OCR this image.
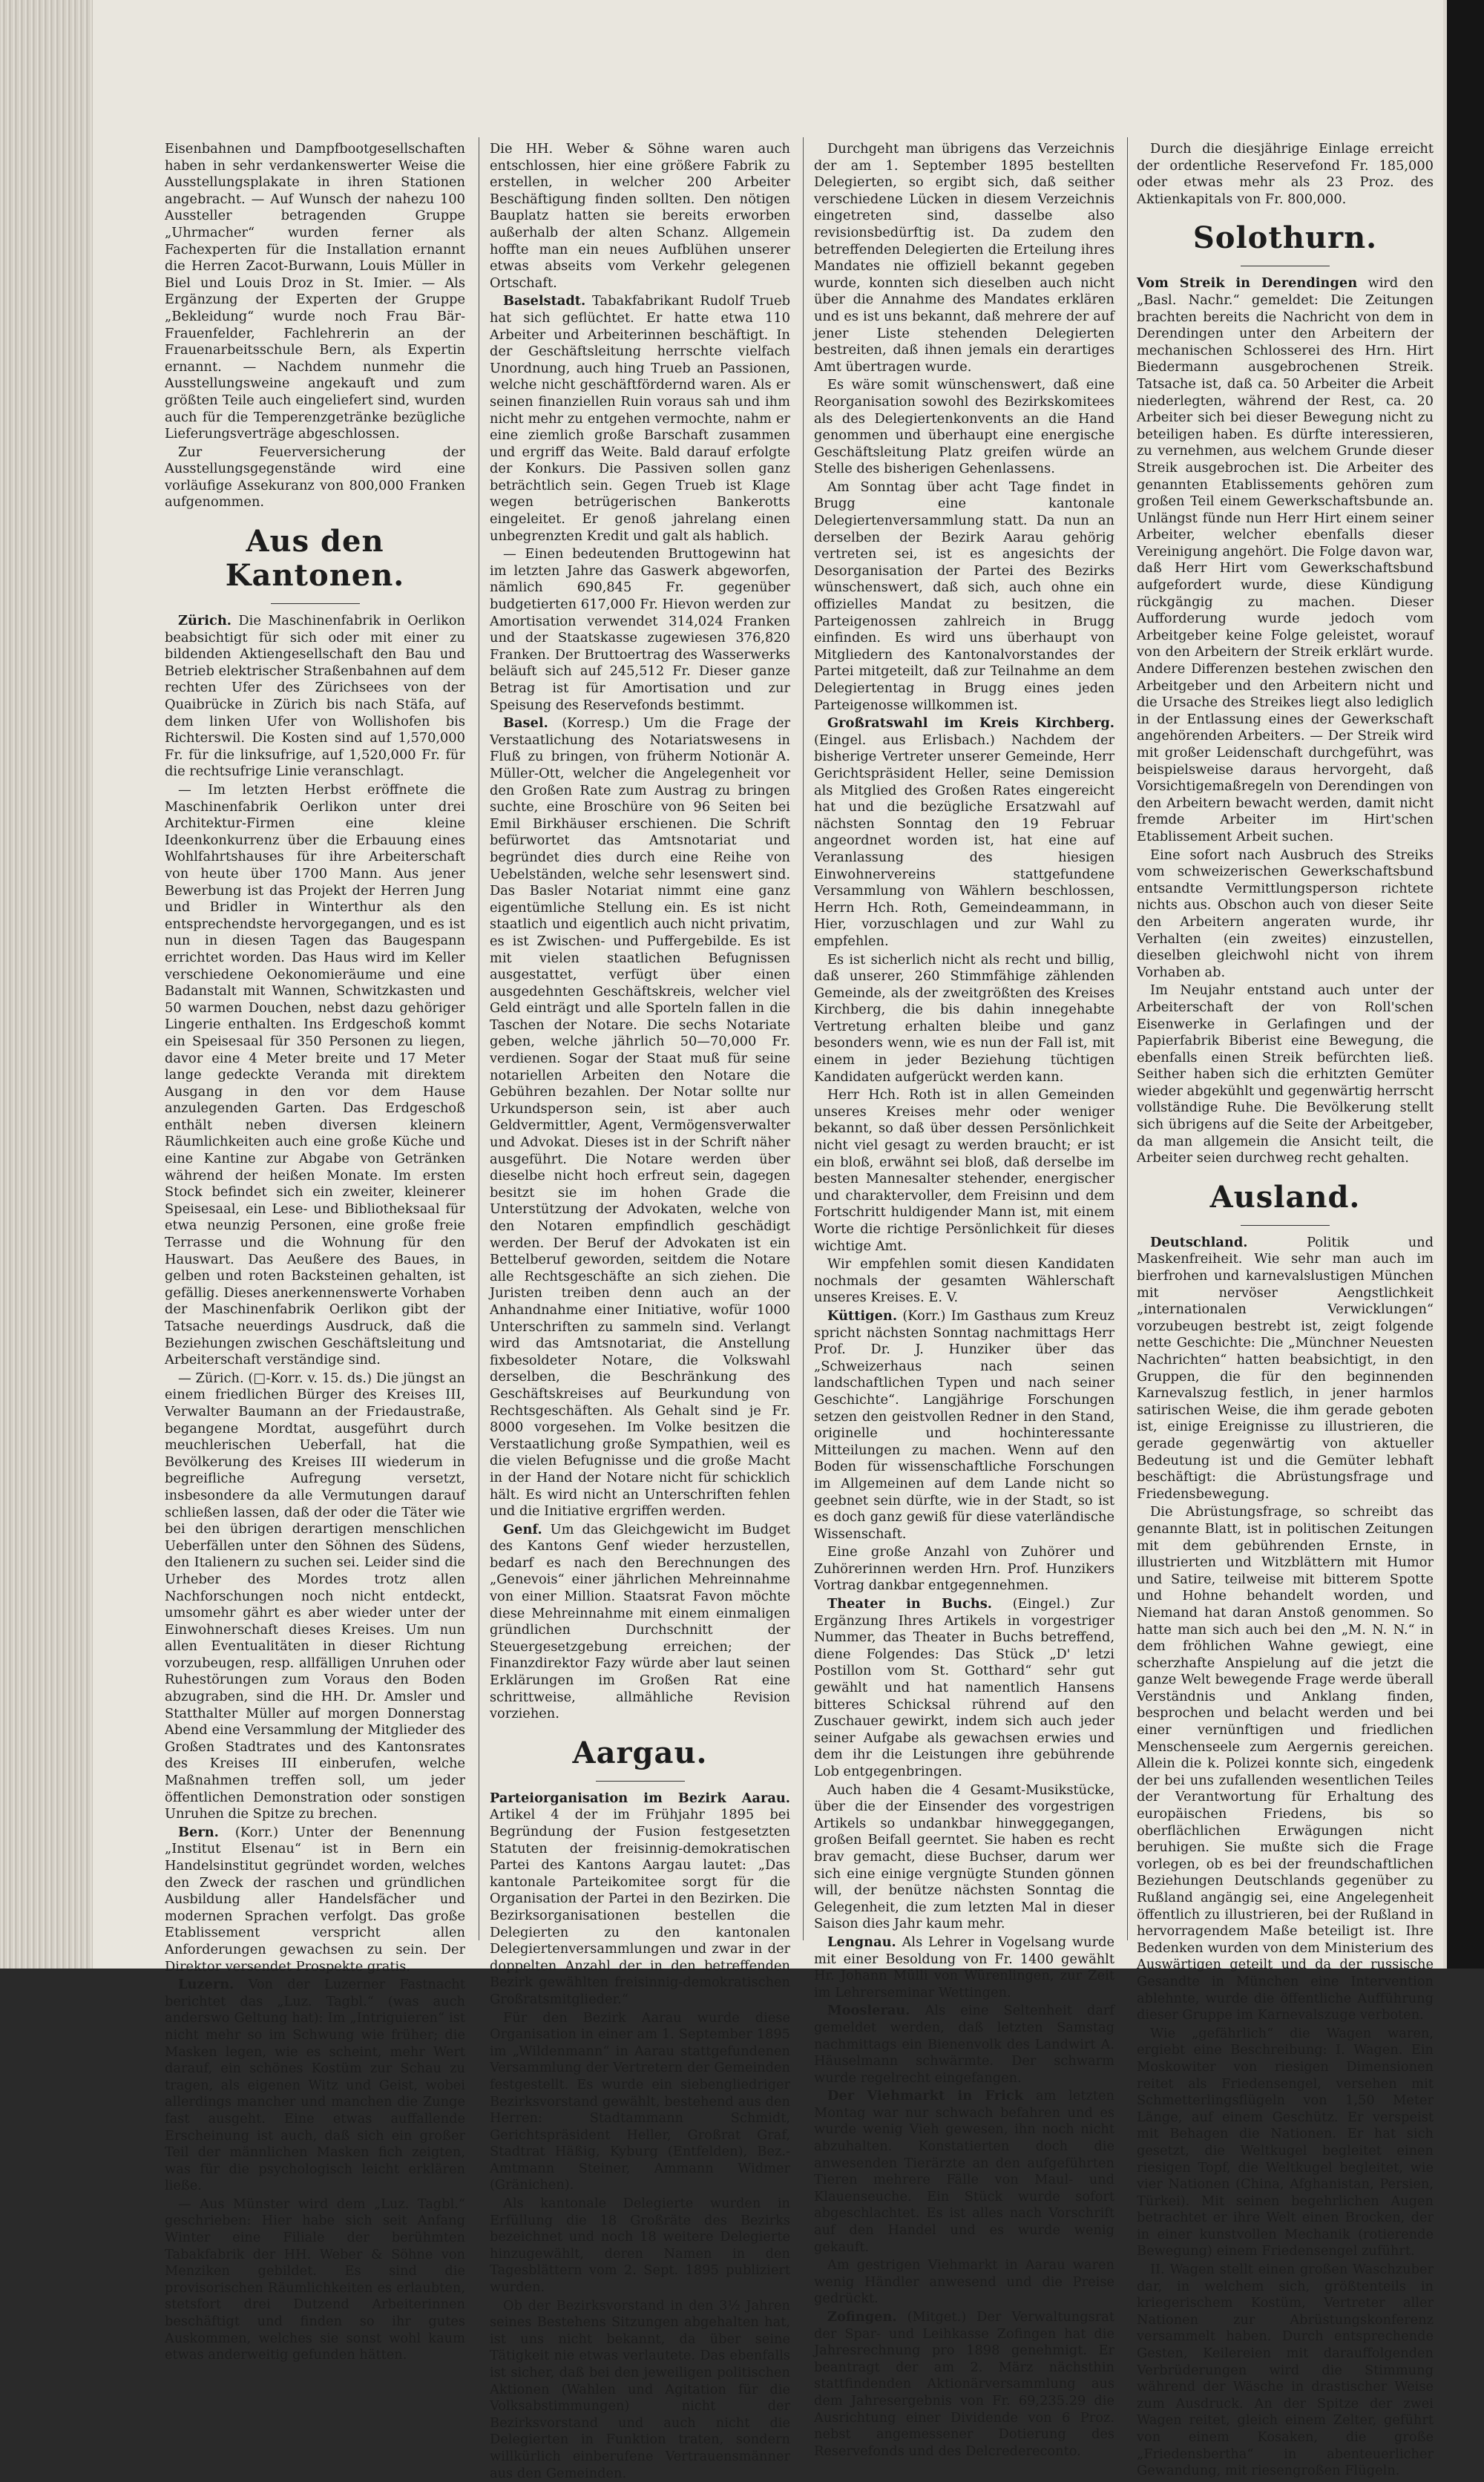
Eisenbahnen und Dampfbootgesellschaften haben in sehr verdankenswerter Weise die Ausstellungsplakate in ihren Stationen angebracht. — Auf Wunsch der nahezu 100 Aussteller betragenden Gruppe „Uhrmacher“ wurden ferner als Fachexperten für die Installation ernannt die Herren Zacot-Burwann, Louis Müller in Biel und Louis Droz in St. Imier. — Als Ergänzung der Experten der Gruppe „Bekleidung“ wurde noch Frau Bär-Frauenfelder, Fachlehrerin an der Frauenarbeitsschule Bern, als Expertin ernannt. — Nachdem nunmehr die Ausstellungsweine angekauft und zum größten Teile auch eingeliefert sind, wurden auch für die Temperenzgetränke bezügliche Lieferungsverträge abgeschlossen.

Zur Feuerversicherung der Ausstellungsgegenstände wird eine vorläufige Assekuranz von 800,000 Franken aufgenommen.

Aus den Kantonen.

Zürich. Die Maschinenfabrik in Oerlikon beabsichtigt für sich oder mit einer zu bildenden Aktiengesellschaft den Bau und Betrieb elektrischer Straßenbahnen auf dem rechten Ufer des Zürichsees von der Quaibrücke in Zürich bis nach Stäfa, auf dem linken Ufer von Wollishofen bis Richterswil. Die Kosten sind auf 1,570,000 Fr. für die linksufrige, auf 1,520,000 Fr. für die rechtsufrige Linie veranschlagt.

— Im letzten Herbst eröffnete die Maschinenfabrik Oerlikon unter drei Architektur-Firmen eine kleine Ideenkonkurrenz über die Erbauung eines Wohlfahrtshauses für ihre Arbeiterschaft von heute über 1700 Mann. Aus jener Bewerbung ist das Projekt der Herren Jung und Bridler in Winterthur als den entsprechendste hervorgegangen, und es ist nun in diesen Tagen das Baugespann errichtet worden. Das Haus wird im Keller verschiedene Oekonomieräume und eine Badanstalt mit Wannen, Schwitzkasten und 50 warmen Douchen, nebst dazu gehöriger Lingerie enthalten. Ins Erdgeschoß kommt ein Speisesaal für 350 Personen zu liegen, davor eine 4 Meter breite und 17 Meter lange gedeckte Veranda mit direktem Ausgang in den vor dem Hause anzulegenden Garten. Das Erdgeschoß enthält neben diversen kleinern Räumlichkeiten auch eine große Küche und eine Kantine zur Abgabe von Getränken während der heißen Monate. Im ersten Stock befindet sich ein zweiter, kleinerer Speisesaal, ein Lese- und Bibliotheksaal für etwa neunzig Personen, eine große freie Terrasse und die Wohnung für den Hauswart. Das Aeußere des Baues, in gelben und roten Backsteinen gehalten, ist gefällig. Dieses anerkennenswerte Vorhaben der Maschinenfabrik Oerlikon gibt der Tatsache neuerdings Ausdruck, daß die Beziehungen zwischen Geschäftsleitung und Arbeiterschaft verständige sind.

— Zürich. (□-Korr. v. 15. ds.) Die jüngst an einem friedlichen Bürger des Kreises III, Verwalter Baumann an der Friedaustraße, begangene Mordtat, ausgeführt durch meuchlerischen Ueberfall, hat die Bevölkerung des Kreises III wiederum in begreifliche Aufregung versetzt, insbesondere da alle Vermutungen darauf schließen lassen, daß der oder die Täter wie bei den übrigen derartigen menschlichen Ueberfällen unter den Söhnen des Südens, den Italienern zu suchen sei. Leider sind die Urheber des Mordes trotz allen Nachforschungen noch nicht entdeckt, umsomehr gährt es aber wieder unter der Einwohnerschaft dieses Kreises. Um nun allen Eventualitäten in dieser Richtung vorzubeugen, resp. allfälligen Unruhen oder Ruhestörungen zum Voraus den Boden abzugraben, sind die HH. Dr. Amsler und Statthalter Müller auf morgen Donnerstag Abend eine Versammlung der Mitglieder des Großen Stadtrates und des Kantonsrates des Kreises III einberufen, welche Maßnahmen treffen soll, um jeder öffentlichen Demonstration oder sonstigen Unruhen die Spitze zu brechen.

Bern. (Korr.) Unter der Benennung „Institut Elsenau“ ist in Bern ein Handelsinstitut gegründet worden, welches den Zweck der raschen und gründlichen Ausbildung aller Handelsfächer und modernen Sprachen verfolgt. Das große Etablissement verspricht allen Anforderungen gewachsen zu sein. Der Direktor versendet Prospekte gratis.

Luzern. Von der Luzerner Fastnacht berichtet das „Luz. Tagbl.“ (was auch anderswo Geltung hat): Im „Intriguieren“ ist nicht mehr so im Schwung wie früher; die Masken legen, wie es scheint, mehr Wert darauf, ein schönes Kostüm zur Schau zu tragen, als eigenen Witz und Geist, wobei allerdings mancher und manchen die Zunge fast ausgeht. Eine etwas auffallende Erscheinung ist auch, daß sich ein großer Teil der männlichen Masken fich zeigten, was für die psychologisch leicht erklären ließe.

— Aus Münster wird dem „Luz. Tagbl.“ geschrieben: Hier habe sich seit Anfang Winter eine Filiale der berühmten Tabakfabrik der HH. Weber & Söhne von Menziken gebildet. Es sind die provisorischen Räumlichkeiten es erlaubten, stetsfort drei Dutzend Arbeiterinnen beschäftigt und finden so ihr gutes Auskommen, welches sie sonst wohl kaum etwas anderweitig gefunden hätten.

Die HH. Weber & Söhne waren auch entschlossen, hier eine größere Fabrik zu erstellen, in welcher 200 Arbeiter Beschäftigung finden sollten. Den nötigen Bauplatz hatten sie bereits erworben außerhalb der alten Schanz. Allgemein hoffte man ein neues Aufblühen unserer etwas abseits vom Verkehr gelegenen Ortschaft.

Baselstadt. Tabakfabrikant Rudolf Trueb hat sich geflüchtet. Er hatte etwa 110 Arbeiter und Arbeiterinnen beschäftigt. In der Geschäftsleitung herrschte vielfach Unordnung, auch hing Trueb an Passionen, welche nicht geschäftfördernd waren. Als er seinen finanziellen Ruin voraus sah und ihm nicht mehr zu entgehen vermochte, nahm er eine ziemlich große Barschaft zusammen und ergriff das Weite. Bald darauf erfolgte der Konkurs. Die Passiven sollen ganz beträchtlich sein. Gegen Trueb ist Klage wegen betrügerischen Bankerotts eingeleitet. Er genoß jahrelang einen unbegrenzten Kredit und galt als hablich.

— Einen bedeutenden Bruttogewinn hat im letzten Jahre das Gaswerk abgeworfen, nämlich 690,845 Fr. gegenüber budgetierten 617,000 Fr. Hievon werden zur Amortisation verwendet 314,024 Franken und der Staatskasse zugewiesen 376,820 Franken. Der Bruttoertrag des Wasserwerks beläuft sich auf 245,512 Fr. Dieser ganze Betrag ist für Amortisation und zur Speisung des Reservefonds bestimmt.

Basel. (Korresp.) Um die Frage der Verstaatlichung des Notariatswesens in Fluß zu bringen, von früherm Notionär A. Müller-Ott, welcher die Angelegenheit vor den Großen Rate zum Austrag zu bringen suchte, eine Broschüre von 96 Seiten bei Emil Birkhäuser erschienen. Die Schrift befürwortet das Amtsnotariat und begründet dies durch eine Reihe von Uebelständen, welche sehr lesenswert sind. Das Basler Notariat nimmt eine ganz eigentümliche Stellung ein. Es ist nicht staatlich und eigentlich auch nicht privatim, es ist Zwischen- und Puffergebilde. Es ist mit vielen staatlichen Befugnissen ausgestattet, verfügt über einen ausgedehnten Geschäftskreis, welcher viel Geld einträgt und alle Sporteln fallen in die Taschen der Notare. Die sechs Notariate geben, welche jährlich 50—70,000 Fr. verdienen. Sogar der Staat muß für seine notariellen Arbeiten den Notare die Gebühren bezahlen. Der Notar sollte nur Urkundsperson sein, ist aber auch Geldvermittler, Agent, Vermögensverwalter und Advokat. Dieses ist in der Schrift näher ausgeführt. Die Notare werden über dieselbe nicht hoch erfreut sein, dagegen besitzt sie im hohen Grade die Unterstützung der Advokaten, welche von den Notaren empfindlich geschädigt werden. Der Beruf der Advokaten ist ein Bettelberuf geworden, seitdem die Notare alle Rechtsgeschäfte an sich ziehen. Die Juristen treiben denn auch an der Anhandnahme einer Initiative, wofür 1000 Unterschriften zu sammeln sind. Verlangt wird das Amtsnotariat, die Anstellung fixbesoldeter Notare, die Volkswahl derselben, die Beschränkung des Geschäftskreises auf Beurkundung von Rechtsgeschäften. Als Gehalt sind je Fr. 8000 vorgesehen. Im Volke besitzen die Verstaatlichung große Sympathien, weil es die vielen Befugnisse und die große Macht in der Hand der Notare nicht für schicklich hält. Es wird nicht an Unterschriften fehlen und die Initiative ergriffen werden.

Genf. Um das Gleichgewicht im Budget des Kantons Genf wieder herzustellen, bedarf es nach den Berechnungen des „Genevois“ einer jährlichen Mehreinnahme von einer Million. Staatsrat Favon möchte diese Mehreinnahme mit einem einmaligen gründlichen Durchschnitt der Steuergesetzgebung erreichen; der Finanzdirektor Fazy würde aber laut seinen Erklärungen im Großen Rat eine schrittweise, allmähliche Revision vorziehen.

Aargau.

Parteiorganisation im Bezirk Aarau. Artikel 4 der im Frühjahr 1895 bei Begründung der Fusion festgesetzten Statuten der freisinnig-demokratischen Partei des Kantons Aargau lautet: „Das kantonale Parteikomitee sorgt für die Organisation der Partei in den Bezirken. Die Bezirksorganisationen bestellen die Delegierten zu den kantonalen Delegiertenversammlungen und zwar in der doppelten Anzahl der in den betreffenden Bezirk gewählten freisinnig-demokratischen Großratsmitglieder.“

Für den Bezirk Aarau wurde diese Organisation in einer am 1. September 1895 im „Wildenmann“ in Aarau stattgefundenen Versammlung der Vertretern der Gemeinden festgestellt. Es wurde ein siebengliedriger Bezirksvorstand gewählt, bestehend aus den Herren: Stadtammann Schmidt, Gerichtspräsident Heller, Großrat Graf, Stadtrat Häßig, Kyburg (Entfelden), Bez.-Amtmann Steiner, Ammann Widmer (Gränichen).

Als kantonale Delegierte wurden in Erfüllung die 18 Großräte des Bezirks bezeichnet und noch 18 weitere Delegierte hinzugewählt, deren Namen in den Tagesblättern vom 2. Sept. 1895 publiziert wurden.

Ob der Bezirksvorstand in den 3½ Jahren seines Bestehens Sitzungen abgehalten hat, ist uns nicht bekannt, da über seine Tätigkeit nie etwas verlautete. Das ebenfalls ist sicher, daß bei den jeweiligen politischen Aktionen (Wahlen und Agitation für die Volksabstimmungen) nicht der Bezirksvorstand und auch nicht die Delegierten in Funktion traten, sondern willkürlich einberufene Vertrauensmänner aus den Gemeinden.

Durchgeht man übrigens das Verzeichnis der am 1. September 1895 bestellten Delegierten, so ergibt sich, daß seither verschiedene Lücken in diesem Verzeichnis eingetreten sind, dasselbe also revisionsbedürftig ist. Da zudem den betreffenden Delegierten die Erteilung ihres Mandates nie offiziell bekannt gegeben wurde, konnten sich dieselben auch nicht über die Annahme des Mandates erklären und es ist uns bekannt, daß mehrere der auf jener Liste stehenden Delegierten bestreiten, daß ihnen jemals ein derartiges Amt übertragen wurde.

Es wäre somit wünschenswert, daß eine Reorganisation sowohl des Bezirkskomitees als des Delegiertenkonvents an die Hand genommen und überhaupt eine energische Geschäftsleitung Platz greifen würde an Stelle des bisherigen Gehenlassens.

Am Sonntag über acht Tage findet in Brugg eine kantonale Delegiertenversammlung statt. Da nun an derselben der Bezirk Aarau gehörig vertreten sei, ist es angesichts der Desorganisation der Partei des Bezirks wünschenswert, daß sich, auch ohne ein offizielles Mandat zu besitzen, die Parteigenossen zahlreich in Brugg einfinden. Es wird uns überhaupt von Mitgliedern des Kantonalvorstandes der Partei mitgeteilt, daß zur Teilnahme an dem Delegiertentag in Brugg eines jeden Parteigenosse willkommen ist.

Großratswahl im Kreis Kirchberg. (Eingel. aus Erlisbach.) Nachdem der bisherige Vertreter unserer Gemeinde, Herr Gerichtspräsident Heller, seine Demission als Mitglied des Großen Rates eingereicht hat und die bezügliche Ersatzwahl auf nächsten Sonntag den 19 Februar angeordnet worden ist, hat eine auf Veranlassung des hiesigen Einwohnervereins stattgefundene Versammlung von Wählern beschlossen, Herrn Hch. Roth, Gemeindeammann, in Hier, vorzuschlagen und zur Wahl zu empfehlen.

Es ist sicherlich nicht als recht und billig, daß unserer, 260 Stimmfähige zählenden Gemeinde, als der zweitgrößten des Kreises Kirchberg, die bis dahin innegehabte Vertretung erhalten bleibe und ganz besonders wenn, wie es nun der Fall ist, mit einem in jeder Beziehung tüchtigen Kandidaten aufgerückt werden kann.

Herr Hch. Roth ist in allen Gemeinden unseres Kreises mehr oder weniger bekannt, so daß über dessen Persönlichkeit nicht viel gesagt zu werden braucht; er ist ein bloß, erwähnt sei bloß, daß derselbe im besten Mannesalter stehender, energischer und charaktervoller, dem Freisinn und dem Fortschritt huldigender Mann ist, mit einem Worte die richtige Persönlichkeit für dieses wichtige Amt.

Wir empfehlen somit diesen Kandidaten nochmals der gesamten Wählerschaft unseres Kreises. E. V.

Küttigen. (Korr.) Im Gasthaus zum Kreuz spricht nächsten Sonntag nachmittags Herr Prof. Dr. J. Hunziker über das „Schweizerhaus nach seinen landschaftlichen Typen und nach seiner Geschichte“. Langjährige Forschungen setzen den geistvollen Redner in den Stand, originelle und hochinteressante Mitteilungen zu machen. Wenn auf den Boden für wissenschaftliche Forschungen im Allgemeinen auf dem Lande nicht so geebnet sein dürfte, wie in der Stadt, so ist es doch ganz gewiß für diese vaterländische Wissenschaft.

Eine große Anzahl von Zuhörer und Zuhörerinnen werden Hrn. Prof. Hunzikers Vortrag dankbar entgegennehmen.

Theater in Buchs. (Eingel.) Zur Ergänzung Ihres Artikels in vorgestriger Nummer, das Theater in Buchs betreffend, diene Folgendes: Das Stück „D' letzi Postillon vom St. Gotthard“ sehr gut gewählt und hat namentlich Hansens bitteres Schicksal rührend auf den Zuschauer gewirkt, indem sich auch jeder seiner Aufgabe als gewachsen erwies und dem ihr die Leistungen ihre gebührende Lob entgegenbringen.

Auch haben die 4 Gesamt-Musikstücke, über die der Einsender des vorgestrigen Artikels so undankbar hinweggegangen, großen Beifall geerntet. Sie haben es recht brav gemacht, diese Buchser, darum wer sich eine einige vergnügte Stunden gönnen will, der benütze nächsten Sonntag die Gelegenheit, die zum letzten Mal in dieser Saison dies Jahr kaum mehr.

Lengnau. Als Lehrer in Vogelsang wurde mit einer Besoldung von Fr. 1400 gewählt Hr. Johann Mülli von Würenlingen, zur Zeit im Lehrerseminar Wettingen.

Mooslerau. Als eine Seltenheit darf gemeldet werden, daß letzten Samstag nachmittags ein Bienenvolk des Landwirt A. Häuselmann schwärmte. Der schwarm wurde regelrecht eingefangen.

Der Viehmarkt in Frick am letzten Montag war nur schwach befahren und es wurde wenig Vieh gewesen, ihn noch nicht abzuhalten. Konstatierten doch die anwesenden Tierärzte an den aufgeführten Tieren mehrere Fälle von Maul- und Klauenseuche. Ein Stück wurde sofort abgeschlachtet. Es ist alles nach Vorschrift auf den Handel und es wurde wenig gekauft.

Am gestrigen Viehmarkt in Aarau waren wenig Händler anwesend und die Preise gedrückt.

Zofingen. (Mitget.) Der Verwaltungsrat der Spar- und Leihkasse Zofingen hat die Jahresrechnung pro 1898 genehmigt. Er beantragt der am 2. März nächsthin stattfindenden Aktionärversammlung aus dem Jahresergebnis von Fr. 69,235.29 die Ausrichtung einer Dividende von 6 Proz. nebst angemessener Dotierung des Reservefonds und des Delcredereconto.

Durch die diesjährige Einlage erreicht der ordentliche Reservefond Fr. 185,000 oder etwas mehr als 23 Proz. des Aktienkapitals von Fr. 800,000.

Solothurn.

Vom Streik in Derendingen wird den „Basl. Nachr.“ gemeldet: Die Zeitungen brachten bereits die Nachricht von dem in Derendingen unter den Arbeitern der mechanischen Schlosserei des Hrn. Hirt Biedermann ausgebrochenen Streik. Tatsache ist, daß ca. 50 Arbeiter die Arbeit niederlegten, während der Rest, ca. 20 Arbeiter sich bei dieser Bewegung nicht zu beteiligen haben. Es dürfte interessieren, zu vernehmen, aus welchem Grunde dieser Streik ausgebrochen ist. Die Arbeiter des genannten Etablissements gehören zum großen Teil einem Gewerkschaftsbunde an. Unlängst fünde nun Herr Hirt einem seiner Arbeiter, welcher ebenfalls dieser Vereinigung angehört. Die Folge davon war, daß Herr Hirt vom Gewerkschaftsbund aufgefordert wurde, diese Kündigung rückgängig zu machen. Dieser Aufforderung wurde jedoch vom Arbeitgeber keine Folge geleistet, worauf von den Arbeitern der Streik erklärt wurde. Andere Differenzen bestehen zwischen den Arbeitgeber und den Arbeitern nicht und die Ursache des Streikes liegt also lediglich in der Entlassung eines der Gewerkschaft angehörenden Arbeiters. — Der Streik wird mit großer Leidenschaft durchgeführt, was beispielsweise daraus hervorgeht, daß Vorsichtigemaßregeln von Derendingen von den Arbeitern bewacht werden, damit nicht fremde Arbeiter im Hirt'schen Etablissement Arbeit suchen.

Eine sofort nach Ausbruch des Streiks vom schweizerischen Gewerkschaftsbund entsandte Vermittlungsperson richtete nichts aus. Obschon auch von dieser Seite den Arbeitern angeraten wurde, ihr Verhalten (ein zweites) einzustellen, dieselben gleichwohl nicht von ihrem Vorhaben ab.

Im Neujahr entstand auch unter der Arbeiterschaft der von Roll'schen Eisenwerke in Gerlafingen und der Papierfabrik Biberist eine Bewegung, die ebenfalls einen Streik befürchten ließ. Seither haben sich die erhitzten Gemüter wieder abgekühlt und gegenwärtig herrscht vollständige Ruhe. Die Bevölkerung stellt sich übrigens auf die Seite der Arbeitgeber, da man allgemein die Ansicht teilt, die Arbeiter seien durchweg recht gehalten.

Ausland.

Deutschland.	Politik und Maskenfreiheit. Wie sehr man auch im bierfrohen und karnevalslustigen München mit nervöser Aengstlichkeit „internationalen Verwicklungen“ vorzubeugen bestrebt ist, zeigt folgende nette Geschichte: Die „Münchner Neuesten Nachrichten“ hatten beabsichtigt, in den Gruppen, die für den beginnenden Karnevalszug festlich, in jener harmlos satirischen Weise, die ihm gerade geboten ist, einige Ereignisse zu illustrieren, die gerade gegenwärtig von aktueller Bedeutung ist und die Gemüter lebhaft beschäftigt: die Abrüstungsfrage und Friedensbewegung.

Die Abrüstungsfrage, so schreibt das genannte Blatt, ist in politischen Zeitungen mit dem gebührenden Ernste, in illustrierten und Witzblättern mit Humor und Satire, teilweise mit bitterem Spotte und Hohne behandelt worden, und Niemand hat daran Anstoß genommen. So hatte man sich auch bei den „M. N. N.“ in dem fröhlichen Wahne gewiegt, eine scherzhafte Anspielung auf die jetzt die ganze Welt bewegende Frage werde überall Verständnis und Anklang finden, besprochen und belacht werden und bei einer vernünftigen und friedlichen Menschenseele zum Aergernis gereichen. Allein die k. Polizei konnte sich, eingedenk der bei uns zufallenden wesentlichen Teiles der Verantwortung für Erhaltung des europäischen Friedens, bis so oberflächlichen Erwägungen nicht beruhigen. Sie mußte sich die Frage vorlegen, ob es bei der freundschaftlichen Beziehungen Deutschlands gegenüber zu Rußland angängig sei, eine Angelegenheit öffentlich zu illustrieren, bei der Rußland in hervorragendem Maße beteiligt ist. Ihre Bedenken wurden von dem Ministerium des Auswärtigen geteilt und da der russische Gesandte in München eine Intervention ablehnte, wurde die öffentliche Aufführung dieser Gruppe im Karnevalszuge verboten.

Wie „gefährlich“ die Wagen waren, ergiebt eine Beschreibung: I. Wagen. Ein Moskowiter von riesigen Dimensionen reitet als Friedensengel, versehen mit Schmetterlingsflügeln von 1,50 Meter Länge, auf einem Geschütz. Er verspeist mit Behagen die Nationen. Er hat sich gesetzt, die Weltkugel begleitet einen riesigen Topf, die Weltkugel begleitet, wie vier Nationen (China, Afghanistan, Persien, Türkei). Mit seinen begehrlichen Augen betrachtet er ihre Welt einen Brocken, der in einer kunstvollen Mechanik (rotierende Bewegung) einem Friedensengel zuführt.

II. Wagen stellt einen großen Waschzuber dar, in welchem sich, größtenteils in kriegerischem Kostüm, Vertreter aller Nationen zur Abrüstungskonferenz versammelt haben. Durch entsprechende Gesten, Keilereien mit darauffolgenden Verbrüderungen wird die Stimmung während der Wäsche in drastischer Weise zum Ausdruck. An der Spitze der zwei Wagen reitet, gleich einem Zelter, geführt von einem Kosaken, die große „Friedensbertha“ in abenteuerlicher Gewandung, mit riesengroßen Flügeln.
